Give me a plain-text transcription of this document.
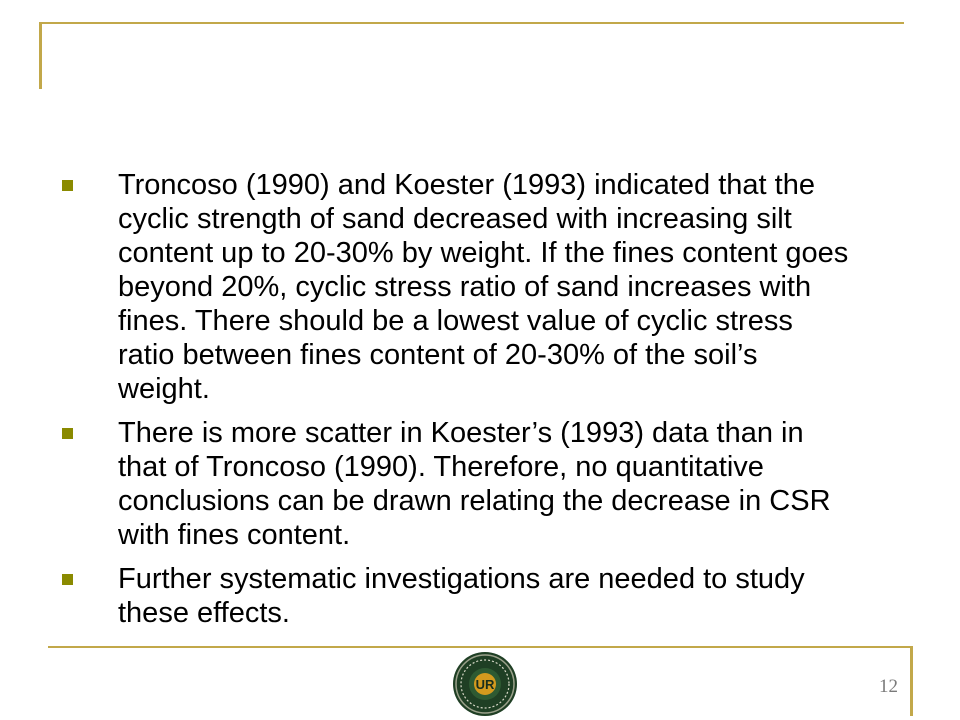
Troncoso (1990) and Koester (1993) indicated that the cyclic strength of sand decreased with increasing silt content up to 20-30% by weight. If the fines content goes beyond 20%, cyclic stress ratio of sand increases with fines. There should be a lowest value of cyclic stress ratio between fines content of 20-30% of the soil’s weight.
There is more scatter in Koester’s (1993) data than in that of Troncoso (1990). Therefore, no quantitative conclusions can be drawn relating the decrease in CSR with fines content.
Further systematic investigations are needed to study these effects.
UR	12
